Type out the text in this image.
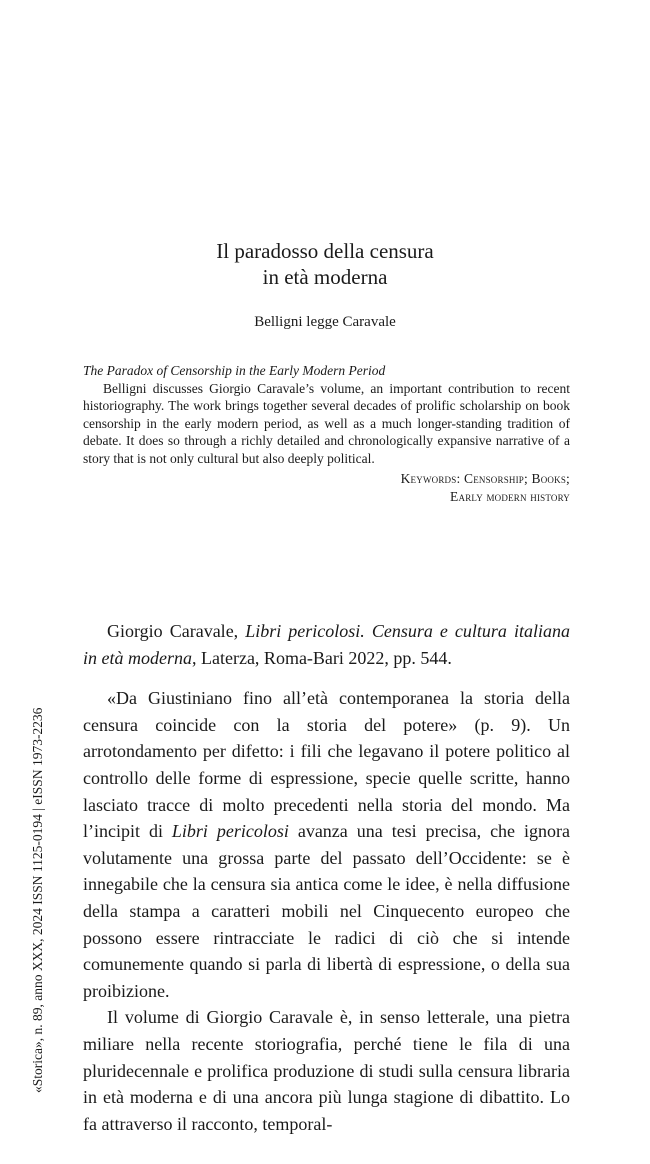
Il paradosso della censura
in età moderna
Belligni legge Caravale
The Paradox of Censorship in the Early Modern Period

Belligni discusses Giorgio Caravale’s volume, an important contribution to recent historiography. The work brings together several decades of prolific scholarship on book censorship in the early modern period, as well as a much longer-standing tradition of debate. It does so through a richly detailed and chronologically expansive narrative of a story that is not only cultural but also deeply political.

Keywords: Censorship; Books;
Early modern history

Giorgio Caravale, Libri pericolosi. Censura e cultura italiana in età moderna, Laterza, Roma-Bari 2022, pp. 544.

«Da Giustiniano fino all’età contemporanea la storia della censura coincide con la storia del potere» (p. 9). Un arrotondamento per difetto: i fili che legavano il potere politico al controllo delle forme di espressione, specie quelle scritte, hanno lasciato tracce di molto precedenti nella storia del mondo. Ma l’incipit di Libri pericolosi avanza una tesi precisa, che ignora volutamente una grossa parte del passato dell’Occidente: se è innegabile che la censura sia antica come le idee, è nella diffusione della stampa a caratteri mobili nel Cinquecento europeo che possono essere rintracciate le radici di ciò che si intende comunemente quando si parla di libertà di espressione, o della sua proibizione.

Il volume di Giorgio Caravale è, in senso letterale, una pietra miliare nella recente storiografia, perché tiene le fila di una pluridecennale e prolifica produzione di studi sulla censura libraria in età moderna e di una ancora più lunga stagione di dibattito. Lo fa attraverso il racconto, temporal-

«Storica», n. 89, anno XXX, 2024 ISSN 1125-0194 | eISSN 1973-2236
